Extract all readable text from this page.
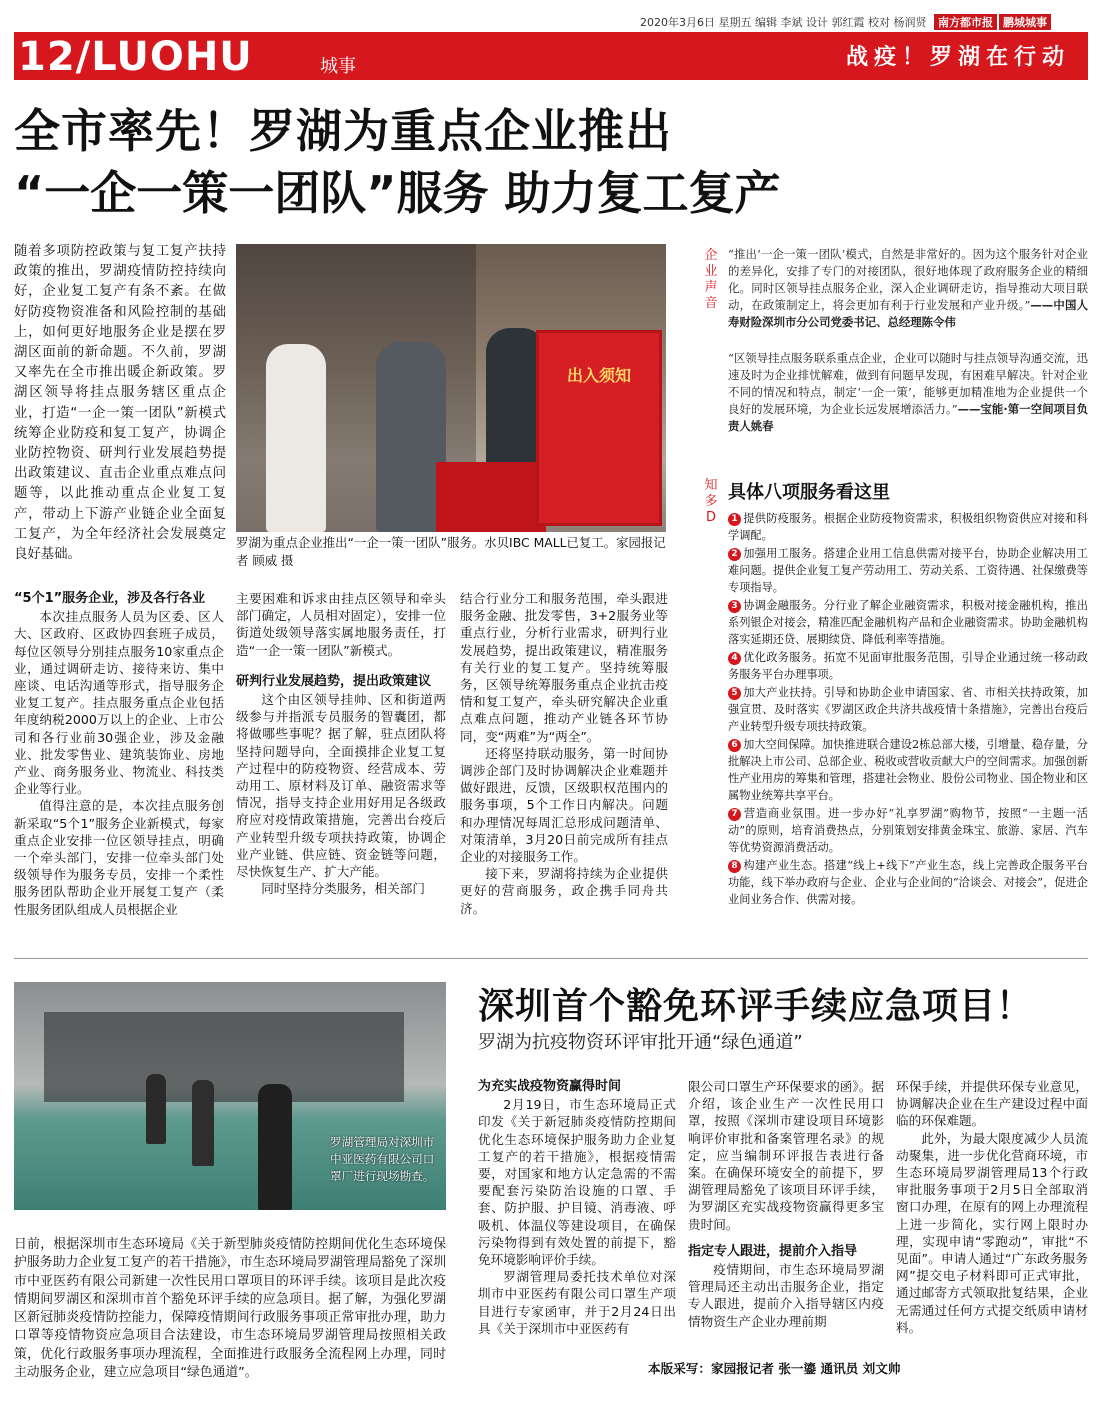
2020年3月6日 星期五 编辑 李斌 设计 郭红霞 校对 杨润贤 南方都市报 鹏城城事
12/LUOHU	城事	战疫！罗湖在行动
全市率先！罗湖为重点企业推出
“一企一策一团队”服务 助力复工复产
随着多项防控政策与复工复产扶持政策的推出，罗湖疫情防控持续向好，企业复工复产有条不紊。在做好防疫物资准备和风险控制的基础上，如何更好地服务企业是摆在罗湖区面前的新命题。不久前，罗湖又率先在全市推出暖企新政策。罗湖区领导将挂点服务辖区重点企业，打造“一企一策一团队”新模式统筹企业防疫和复工复产，协调企业防控物资、研判行业发展趋势提出政策建议、直击企业重点难点问题等，以此推动重点企业复工复产，带动上下游产业链企业全面复工复产，为全年经济社会发展奠定良好基础。
出入须知
罗湖为重点企业推出“一企一策一团队”服务。水贝IBC MALL已复工。家园报记者 顾威 摄

“5个1”服务企业，涉及各行各业

本次挂点服务人员为区委、区人大、区政府、区政协四套班子成员，每位区领导分别挂点服务10家重点企业，通过调研走访、接待来访、集中座谈、电话沟通等形式，指导服务企业复工复产。挂点服务重点企业包括年度纳税2000万以上的企业、上市公司和各行业前30强企业，涉及金融业、批发零售业、建筑装饰业、房地产业、商务服务业、物流业、科技类企业等行业。

值得注意的是，本次挂点服务创新采取“5个1”服务企业新模式，每家重点企业安排一位区领导挂点，明确一个牵头部门，安排一位牵头部门处级领导作为服务专员，安排一个柔性服务团队帮助企业开展复工复产（柔性服务团队组成人员根据企业

主要困难和诉求由挂点区领导和牵头部门确定，人员相对固定），安排一位街道处级领导落实属地服务责任，打造“一企一策一团队”新模式。

研判行业发展趋势，提出政策建议

这个由区领导挂帅、区和街道两级参与并指派专员服务的智囊团，都将做哪些事呢？据了解，驻点团队将坚持问题导向，全面摸排企业复工复产过程中的防疫物资、经营成本、劳动用工、原材料及订单、融资需求等情况，指导支持企业用好用足各级政府应对疫情政策措施，完善出台疫后产业转型升级专项扶持政策，协调企业产业链、供应链、资金链等问题，尽快恢复生产、扩大产能。

同时坚持分类服务，相关部门

结合行业分工和服务范围，牵头跟进服务金融、批发零售，3+2服务业等重点行业，分析行业需求，研判行业发展趋势，提出政策建议，精准服务有关行业的复工复产。坚持统筹服务，区领导统筹服务重点企业抗击疫情和复工复产，牵头研究解决企业重点难点问题，推动产业链各环节协同，变“两难”为“两全”。

还将坚持联动服务，第一时间协调涉企部门及时协调解决企业难题并做好跟进，反馈，区级职权范围内的服务事项，5个工作日内解决。问题和办理情况每周汇总形成问题清单、对策清单，3月20日前完成所有挂点企业的对接服务工作。

接下来，罗湖将持续为企业提供更好的营商服务，政企携手同舟共济。

企业声音
“推出‘一企一策一团队’模式，自然是非常好的。因为这个服务针对企业的差异化，安排了专门的对接团队，很好地体现了政府服务企业的精细化。同时区领导挂点服务企业，深入企业调研走访，指导推动大项目联动，在政策制定上，将会更加有利于行业发展和产业升级。”——中国人寿财险深圳市分公司党委书记、总经理陈令伟
“区领导挂点服务联系重点企业，企业可以随时与挂点领导沟通交流，迅速及时为企业排忧解难，做到有问题早发现，有困难早解决。针对企业不同的情况和特点，制定‘一企一策’，能够更加精准地为企业提供一个良好的发展环境，为企业长远发展增添活力。”——宝能·第一空间项目负责人姚春
知多D
具体八项服务看这里
1 提供防疫服务。根据企业防疫物资需求，积极组织物资供应对接和科学调配。
2 加强用工服务。搭建企业用工信息供需对接平台，协助企业解决用工难问题。提供企业复工复产劳动用工、劳动关系、工资待遇、社保缴费等专项指导。
3 协调金融服务。分行业了解企业融资需求，积极对接金融机构，推出系列银企对接会，精准匹配金融机构产品和企业融资需求。协助金融机构落实延期还贷、展期续贷、降低利率等措施。
4 优化政务服务。拓宽不见面审批服务范围，引导企业通过统一移动政务服务平台办理事项。
5 加大产业扶持。引导和协助企业申请国家、省、市相关扶持政策，加强宣贯、及时落实《罗湖区政企共济共战疫情十条措施》，完善出台疫后产业转型升级专项扶持政策。
6 加大空间保障。加快推进联合建设2栋总部大楼，引增量、稳存量，分批解决上市公司、总部企业、税收或营收贡献大户的空间需求。加强创新性产业用房的筹集和管理，搭建社会物业、股份公司物业、国企物业和区属物业统筹共享平台。
7 营造商业氛围。进一步办好“礼享罗湖”购物节，按照“一主题一活动”的原则，培育消费热点，分别策划安排黄金珠宝、旅游、家居、汽车等优势资源消费活动。
8 构建产业生态。搭建“线上+线下”产业生态，线上完善政企服务平台功能，线下举办政府与企业、企业与企业间的“洽谈会、对接会”，促进企业间业务合作、供需对接。
罗湖管理局对深圳市中亚医药有限公司口罩厂进行现场勘查。
深圳首个豁免环评手续应急项目！
罗湖为抗疫物资环评审批开通“绿色通道”
日前，根据深圳市生态环境局《关于新型肺炎疫情防控期间优化生态环境保护服务助力企业复工复产的若干措施》，市生态环境局罗湖管理局豁免了深圳市中亚医药有限公司新建一次性民用口罩项目的环评手续。该项目是此次疫情期间罗湖区和深圳市首个豁免环评手续的应急项目。据了解，为强化罗湖区新冠肺炎疫情防控能力，保障疫情期间行政服务事项正常审批办理，助力口罩等疫情物资应急项目合法建设，市生态环境局罗湖管理局按照相关政策，优化行政服务事项办理流程，全面推进行政服务全流程网上办理，同时主动服务企业，建立应急项目“绿色通道”。

为充实战疫物资赢得时间

2月19日，市生态环境局正式印发《关于新冠肺炎疫情防控期间优化生态环境保护服务助力企业复工复产的若干措施》，根据疫情需要，对国家和地方认定急需的不需要配套污染防治设施的口罩、手套、防护服、护目镜、消毒液、呼吸机、体温仪等建设项目，在确保污染物得到有效处置的前提下，豁免环境影响评价手续。

罗湖管理局委托技术单位对深圳市中亚医药有限公司口罩生产项目进行专家函审，并于2月24日出具《关于深圳市中亚医药有

限公司口罩生产环保要求的函》。据介绍，该企业生产一次性民用口罩，按照《深圳市建设项目环境影响评价审批和备案管理名录》的规定，应当编制环评报告表进行备案。在确保环境安全的前提下，罗湖管理局豁免了该项目环评手续，为罗湖区充实战疫物资赢得更多宝贵时间。

指定专人跟进，提前介入指导

疫情期间，市生态环境局罗湖管理局还主动出击服务企业，指定专人跟进，提前介入指导辖区内疫情物资生产企业办理前期

环保手续，并提供环保专业意见，协调解决企业在生产建设过程中面临的环保难题。

此外，为最大限度减少人员流动聚集，进一步优化营商环境，市生态环境局罗湖管理局13个行政审批服务事项于2月5日全部取消窗口办理，在原有的网上办理流程上进一步简化，实行网上限时办理，实现申请“零跑动”，审批“不见面”。申请人通过“广东政务服务网”提交电子材料即可正式审批，通过邮寄方式领取批复结果，企业无需通过任何方式提交纸质申请材料。

本版采写：家园报记者 张一鎏 通讯员 刘文帅
